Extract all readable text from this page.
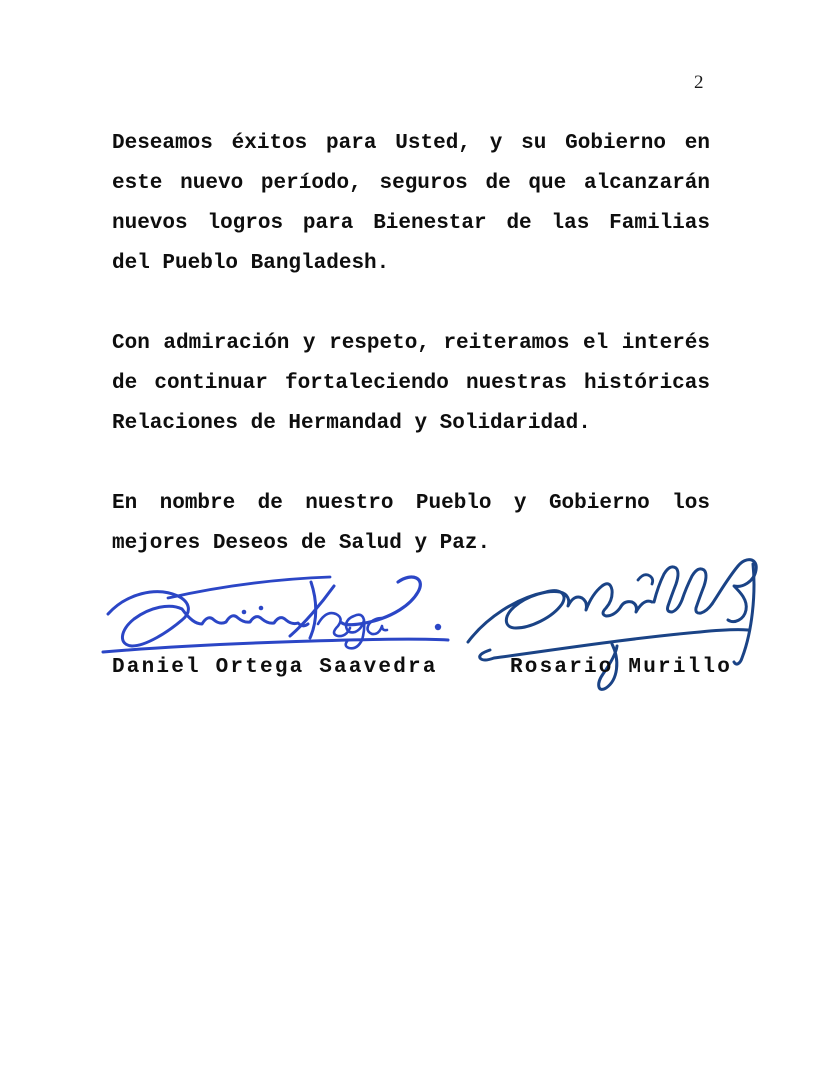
2
Deseamos éxitos para Usted, y su Gobierno en
este nuevo período, seguros de que alcanzarán
nuevos logros para Bienestar de las Familias
del Pueblo Bangladesh.
Con admiración y respeto, reiteramos el interés
de continuar fortaleciendo nuestras históricas
Relaciones de Hermandad y Solidaridad.
En nombre de nuestro Pueblo y Gobierno los
mejores Deseos de Salud y Paz.
Daniel Ortega Saavedra	Rosario Murillo
